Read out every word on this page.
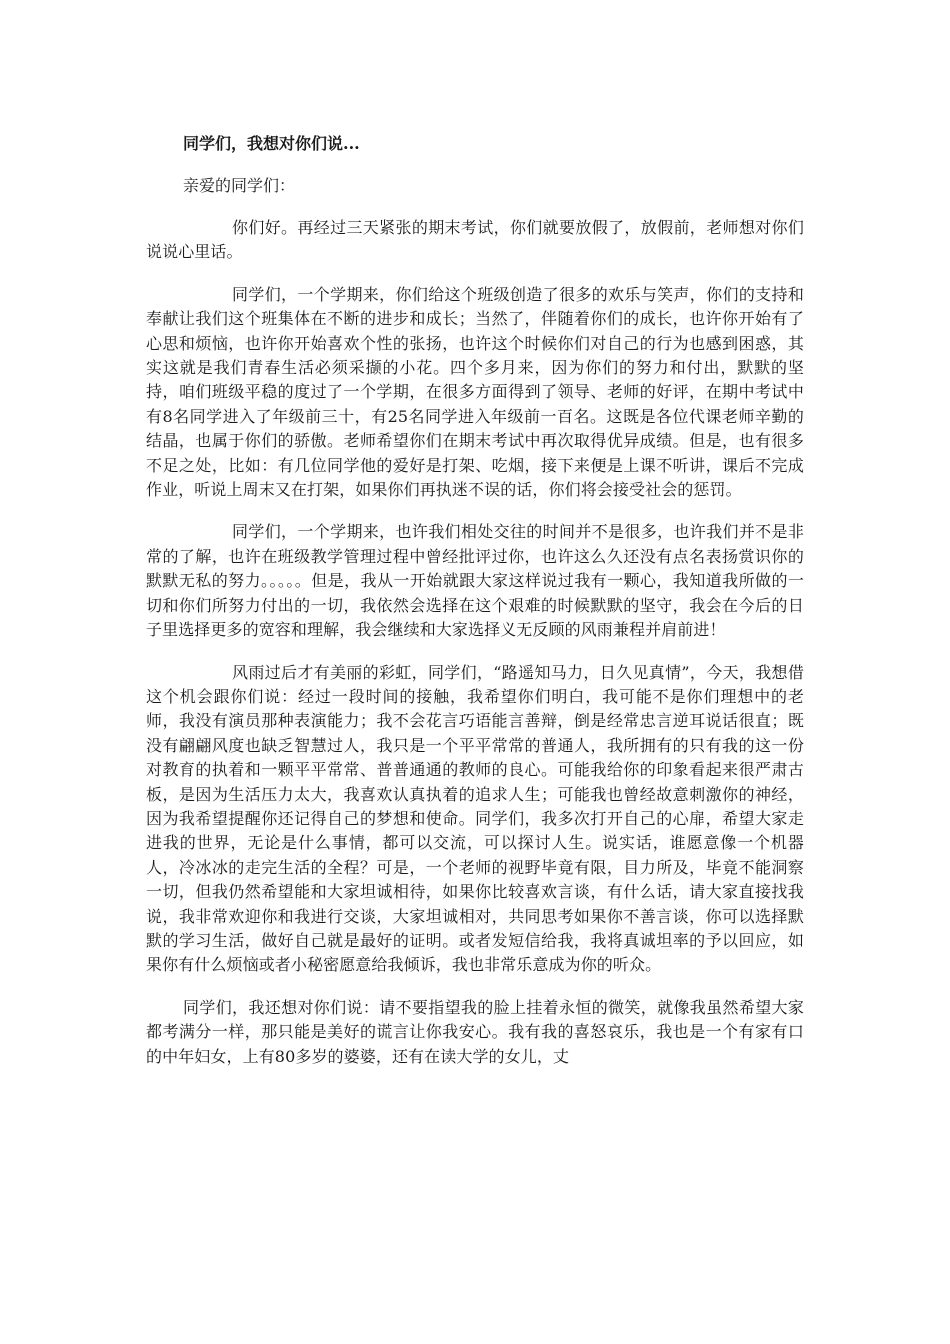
同学们，我想对你们说...
亲爱的同学们：

你们好。再经过三天紧张的期末考试，你们就要放假了，放假前，老师想对你们说说心里话。

同学们，一个学期来，你们给这个班级创造了很多的欢乐与笑声，你们的支持和奉献让我们这个班集体在不断的进步和成长；当然了，伴随着你们的成长，也许你开始有了心思和烦恼，也许你开始喜欢个性的张扬，也许这个时候你们对自己的行为也感到困惑，其实这就是我们青春生活必须采撷的小花。四个多月来，因为你们的努力和付出，默默的坚持，咱们班级平稳的度过了一个学期，在很多方面得到了领导、老师的好评，在期中考试中有8名同学进入了年级前三十，有25名同学进入年级前一百名。这既是各位代课老师辛勤的结晶，也属于你们的骄傲。老师希望你们在期末考试中再次取得优异成绩。但是，也有很多不足之处，比如：有几位同学他的爱好是打架、吃烟，接下来便是上课不听讲，课后不完成作业，听说上周末又在打架，如果你们再执迷不误的话，你们将会接受社会的惩罚。

同学们，一个学期来，也许我们相处交往的时间并不是很多，也许我们并不是非常的了解，也许在班级教学管理过程中曾经批评过你，也许这么久还没有点名表扬赏识你的默默无私的努力。。。。。但是，我从一开始就跟大家这样说过我有一颗心，我知道我所做的一切和你们所努力付出的一切，我依然会选择在这个艰难的时候默默的坚守，我会在今后的日子里选择更多的宽容和理解，我会继续和大家选择义无反顾的风雨兼程并肩前进！

风雨过后才有美丽的彩虹，同学们，“路遥知马力，日久见真情”，今天，我想借这个机会跟你们说：经过一段时间的接触，我希望你们明白，我可能不是你们理想中的老师，我没有演员那种表演能力；我不会花言巧语能言善辩，倒是经常忠言逆耳说话很直；既没有翩翩风度也缺乏智慧过人，我只是一个平平常常的普通人，我所拥有的只有我的这一份对教育的执着和一颗平平常常、普普通通的教师的良心。可能我给你的印象看起来很严肃古板，是因为生活压力太大，我喜欢认真执着的追求人生；可能我也曾经故意刺激你的神经，因为我希望提醒你还记得自己的梦想和使命。同学们，我多次打开自己的心扉，希望大家走进我的世界，无论是什么事情，都可以交流，可以探讨人生。说实话，谁愿意像一个机器人，冷冰冰的走完生活的全程？可是，一个老师的视野毕竟有限，目力所及，毕竟不能洞察一切，但我仍然希望能和大家坦诚相待，如果你比较喜欢言谈，有什么话，请大家直接找我说，我非常欢迎你和我进行交谈，大家坦诚相对，共同思考如果你不善言谈，你可以选择默默的学习生活，做好自己就是最好的证明。或者发短信给我，我将真诚坦率的予以回应，如果你有什么烦恼或者小秘密愿意给我倾诉，我也非常乐意成为你的听众。

同学们，我还想对你们说：请不要指望我的脸上挂着永恒的微笑，就像我虽然希望大家都考满分一样，那只能是美好的谎言让你我安心。我有我的喜怒哀乐，我也是一个有家有口的中年妇女，上有80多岁的婆婆，还有在读大学的女儿，丈
